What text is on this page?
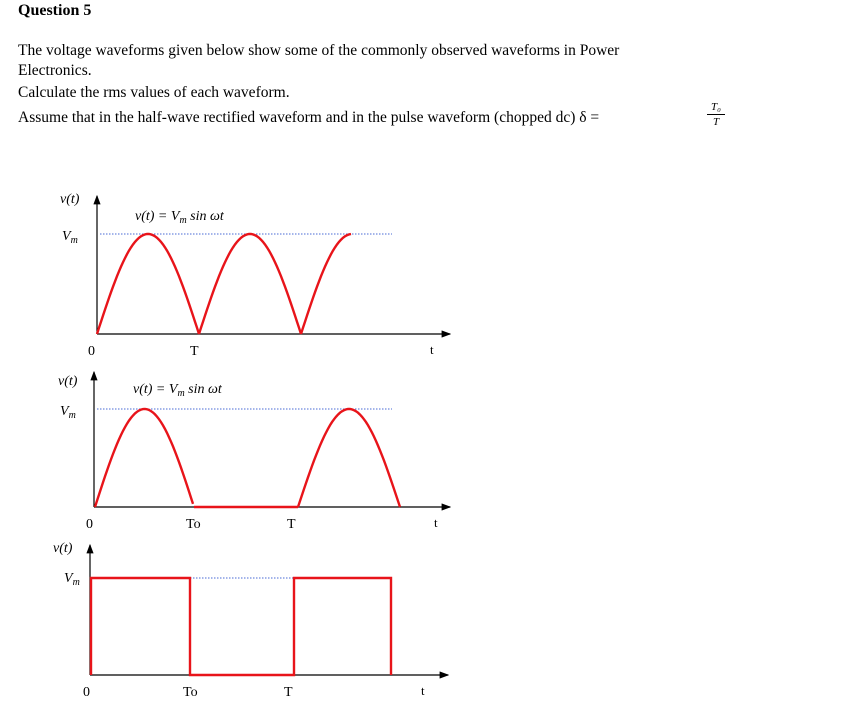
Question 5
The voltage waveforms given below show some of the commonly observed waveforms in Power
Electronics.
Calculate the rms values of each waveform.
Assume that in the half-wave rectified waveform and in the pulse waveform (chopped dc) δ =
T₀
T
v(t)
$V_m$
$v(t) = V_m$ sin ωt
0	T	t
v(t)
$V_m$
$v(t) = V_m$ sin ωt
0	To	T	t
v(t)
$V_m$
0	To	T	t
